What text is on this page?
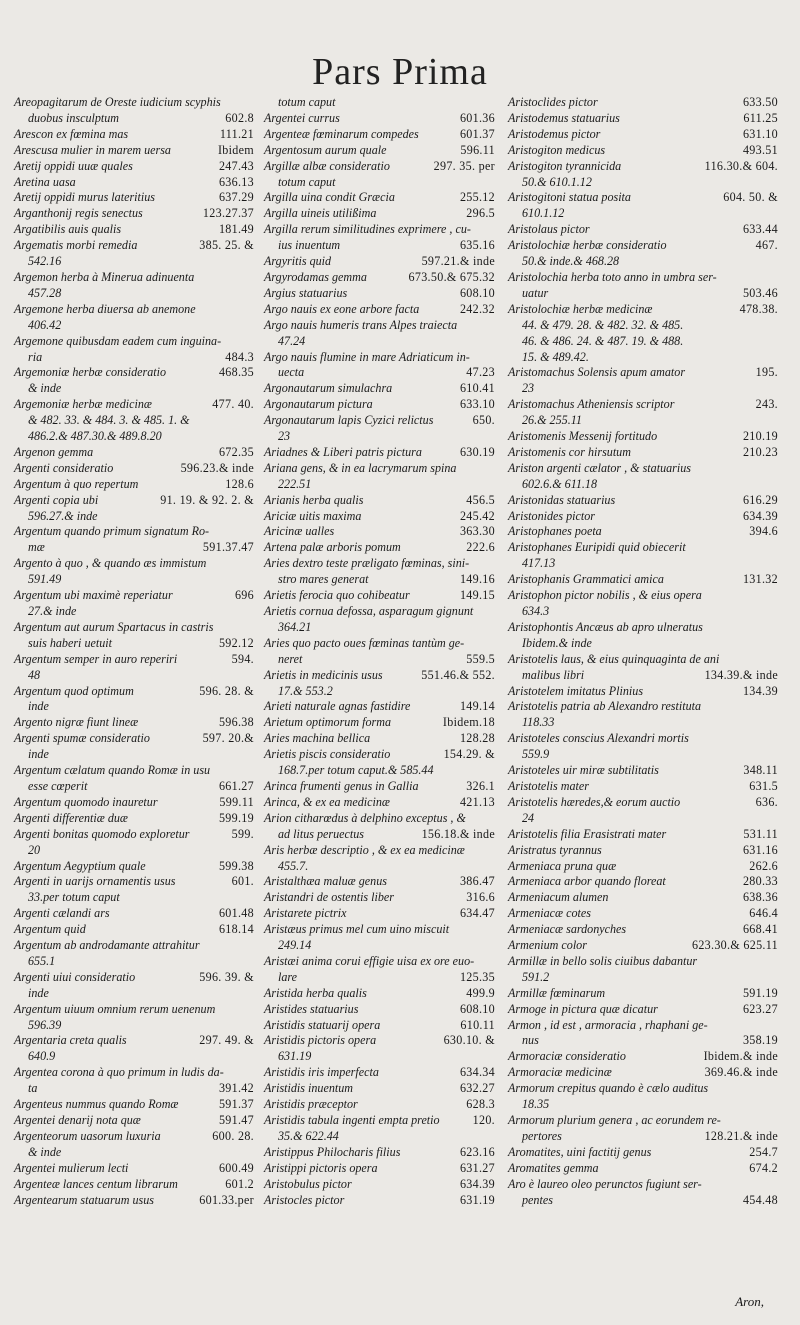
Pars Prima
Areopagitarum de Oreste iudicium scyphis
duobus insculptum	602.8
Arescon ex fœmina mas	111.21
Arescusa mulier in marem uersa	Ibidem
Aretij oppidi uuæ quales	247.43
Aretina uasa	636.13
Aretij oppidi murus lateritius	637.29
Arganthonij regis senectus	123.27.37
Argatibilis auis qualis	181.49
Argematis morbi remedia	385. 25. &
542.16
Argemon herba à Minerua adinuenta
457.28
Argemone herba diuersa ab anemone
406.42
Argemone quibusdam eadem cum inguina-
ria	484.3
Argemoniæ herbæ consideratio	468.35
& inde
Argemoniæ herbæ medicinæ	477. 40.
& 482. 33. & 484. 3. & 485. 1. &
486.2.& 487.30.& 489.8.20
Argenon gemma	672.35
Argenti consideratio	596.23.& inde
Argentum à quo repertum	128.6
Argenti copia ubi	91. 19. & 92. 2. &
596.27.& inde
Argentum quando primum signatum Ro-
mæ	591.37.47
Argento à quo , & quando æs immistum
591.49
Argentum ubi maximè reperiatur	696
27.& inde
Argentum aut aurum Spartacus in castris
suis haberi uetuit	592.12
Argentum semper in auro reperiri	594.
48
Argentum quod optimum	596. 28. &
inde
Argento nigræ fiunt lineæ	596.38
Argenti spumæ consideratio	597. 20.&
inde
Argentum cælatum quando Romæ in usu
esse cœperit	661.27
Argentum quomodo inauretur	599.11
Argenti differentiæ duæ	599.19
Argenti bonitas quomodo exploretur	599.
20
Argentum Aegyptium quale	599.38
Argenti in uarijs ornamentis usus	601.
33.per totum caput
Argenti cælandi ars	601.48
Argentum quid	618.14
Argentum ab androdamante attrahitur
655.1
Argenti uiui consideratio	596. 39. &
inde
Argentum uiuum omnium rerum uenenum
596.39
Argentaria creta qualis	297. 49. &
640.9
Argentea corona à quo primum in ludis da-
ta	391.42
Argenteus nummus quando Romæ	591.37
Argentei denarij nota quæ	591.47
Argenteorum uasorum luxuria	600. 28.
& inde
Argentei mulierum lecti	600.49
Argenteæ lances centum librarum	601.2
Argentearum statuarum usus	601.33.per
totum caput
Argentei currus	601.36
Argenteæ fœminarum compedes	601.37
Argentosum aurum quale	596.11
Argillæ albæ consideratio	297. 35. per
totum caput
Argilla uina condit Græcia	255.12
Argilla uineis utilißima	296.5
Argilla rerum similitudines exprimere , cu-
ius inuentum	635.16
Argyritis quid	597.21.& inde
Argyrodamas gemma	673.50.& 675.32
Argius statuarius	608.10
Argo nauis ex eone arbore facta	242.32
Argo nauis humeris trans Alpes traiecta
47.24
Argo nauis flumine in mare Adriaticum in-
uecta	47.23
Argonautarum simulachra	610.41
Argonautarum pictura	633.10
Argonautarum lapis Cyzici relictus	650.
23
Ariadnes & Liberi patris pictura	630.19
Ariana gens, & in ea lacrymarum spina
222.51
Arianis herba qualis	456.5
Ariciæ uitis maxima	245.42
Aricinæ ualles	363.30
Artena palæ arboris pomum	222.6
Aries dextro teste præligato fœminas, sini-
stro mares generat	149.16
Arietis ferocia quo cohibeatur	149.15
Arietis cornua defossa, asparagum gignunt
364.21
Aries quo pacto oues fœminas tantùm ge-
neret	559.5
Arietis in medicinis usus	551.46.& 552.
17.& 553.2
Arieti naturale agnas fastidire	149.14
Arietum optimorum forma	Ibidem.18
Aries machina bellica	128.28
Arietis piscis consideratio	154.29. &
168.7.per totum caput.& 585.44
Arinca frumenti genus in Gallia	326.1
Arinca, & ex ea medicinæ	421.13
Arion citharœdus à delphino exceptus , &
ad litus peruectus	156.18.& inde
Aris herbæ descriptio , & ex ea medicinæ
455.7.
Aristalthæa maluæ genus	386.47
Aristandri de ostentis liber	316.6
Aristarete pictrix	634.47
Aristæus primus mel cum uino miscuit
249.14
Aristæi anima corui effigie uisa ex ore euo-
lare	125.35
Aristida herba qualis	499.9
Aristides statuarius	608.10
Aristidis statuarij opera	610.11
Aristidis pictoris opera	630.10. &
631.19
Aristidis iris imperfecta	634.34
Aristidis inuentum	632.27
Aristidis præceptor	628.3
Aristidis tabula ingenti empta pretio	120.
35.& 622.44
Aristippus Philocharis filius	623.16
Aristippi pictoris opera	631.27
Aristobulus pictor	634.39
Aristocles pictor	631.19
Aristoclides pictor	633.50
Aristodemus statuarius	611.25
Aristodemus pictor	631.10
Aristogiton medicus	493.51
Aristogiton tyrannicida	116.30.& 604.
50.& 610.1.12
Aristogitoni statua posita	604. 50. &
610.1.12
Aristolaus pictor	633.44
Aristolochiæ herbæ consideratio	467.
50.& inde.& 468.28
Aristolochia herba toto anno in umbra ser-
uatur	503.46
Aristolochiæ herbæ medicinæ	478.38.
44. & 479. 28. & 482. 32. & 485.
46. & 486. 24. & 487. 19. & 488.
15. & 489.42.
Aristomachus Solensis apum amator	195.
23
Aristomachus Atheniensis scriptor	243.
26.& 255.11
Aristomenis Messenij fortitudo	210.19
Aristomenis cor hirsutum	210.23
Ariston argenti cælator , & statuarius
602.6.& 611.18
Aristonidas statuarius	616.29
Aristonides pictor	634.39
Aristophanes poeta	394.6
Aristophanes Euripidi quid obiecerit
417.13
Aristophanis Grammatici amica	131.32
Aristophon pictor nobilis , & eius opera
634.3
Aristophontis Ancæus ab apro ulneratus
Ibidem.& inde
Aristotelis laus, & eius quinquaginta de ani
malibus libri	134.39.& inde
Aristotelem imitatus Plinius	134.39
Aristotelis patria ab Alexandro restituta
118.33
Aristoteles conscius Alexandri mortis
559.9
Aristoteles uir miræ subtilitatis	348.11
Aristotelis mater	631.5
Aristotelis hæredes,& eorum auctio	636.
24
Aristotelis filia Erasistrati mater	531.11
Aristratus tyrannus	631.16
Armeniaca pruna quæ	262.6
Armeniaca arbor quando floreat	280.33
Armeniacum alumen	638.36
Armeniacæ cotes	646.4
Armeniacæ sardonyches	668.41
Armenium color	623.30.& 625.11
Armillæ in bello solis ciuibus dabantur
591.2
Armillæ fœminarum	591.19
Armoge in pictura quæ dicatur	623.27
Armon , id est , armoracia , rhaphani ge-
nus	358.19
Armoraciæ consideratio	Ibidem.& inde
Armoraciæ medicinæ	369.46.& inde
Armorum crepitus quando è cælo auditus
18.35
Armorum plurium genera , ac eorundem re-
pertores	128.21.& inde
Aromatites, uini factitij genus	254.7
Aromatites gemma	674.2
Aro è laureo oleo perunctos fugiunt ser-
pentes	454.48
Aron,
